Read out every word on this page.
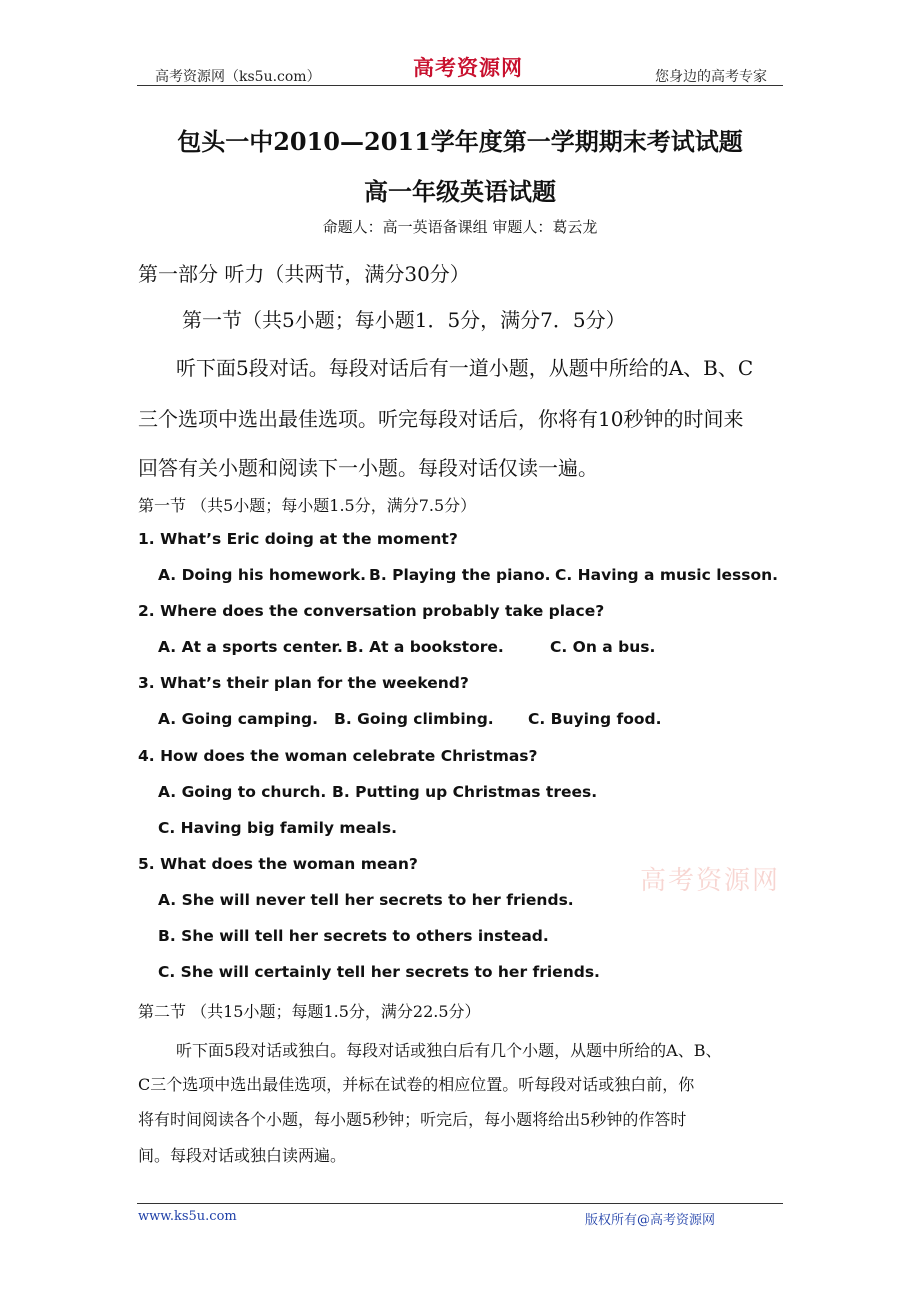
高考资源网（ks5u.com）	高考资源网	您身边的高考专家
包头一中2010—2011学年度第一学期期末考试试题
高一年级英语试题
命题人：高一英语备课组 审题人：葛云龙
第一部分 听力（共两节，满分30分）
第一节（共5小题；每小题1．5分，满分7．5分）
听下面5段对话。每段对话后有一道小题，从题中所给的A、B、C
三个选项中选出最佳选项。听完每段对话后，你将有10秒钟的时间来
回答有关小题和阅读下一小题。每段对话仅读一遍。
第一节 （共5小题；每小题1.5分，满分7.5分）
1. What’s Eric doing at the moment?
A. Doing his homework. B. Playing the piano. C. Having a music lesson.
2. Where does the conversation probably take place?
A. At a sports center. B. At a bookstore.	C. On a bus.
3. What’s their plan for the weekend?
A. Going camping. B. Going climbing. C. Buying food.
4. How does the woman celebrate Christmas?
A. Going to church. B. Putting up Christmas trees.
C. Having big family meals.
5. What does the woman mean?
A. She will never tell her secrets to her friends.
B. She will tell her secrets to others instead.
C. She will certainly tell her secrets to her friends.
高考资源网
第二节 （共15小题；每题1.5分，满分22.5分）
听下面5段对话或独白。每段对话或独白后有几个小题，从题中所给的A、B、
C三个选项中选出最佳选项，并标在试卷的相应位置。听每段对话或独白前，你
将有时间阅读各个小题，每小题5秒钟；听完后，每小题将给出5秒钟的作答时
间。每段对话或独白读两遍。
www.ks5u.com	版权所有@高考资源网
